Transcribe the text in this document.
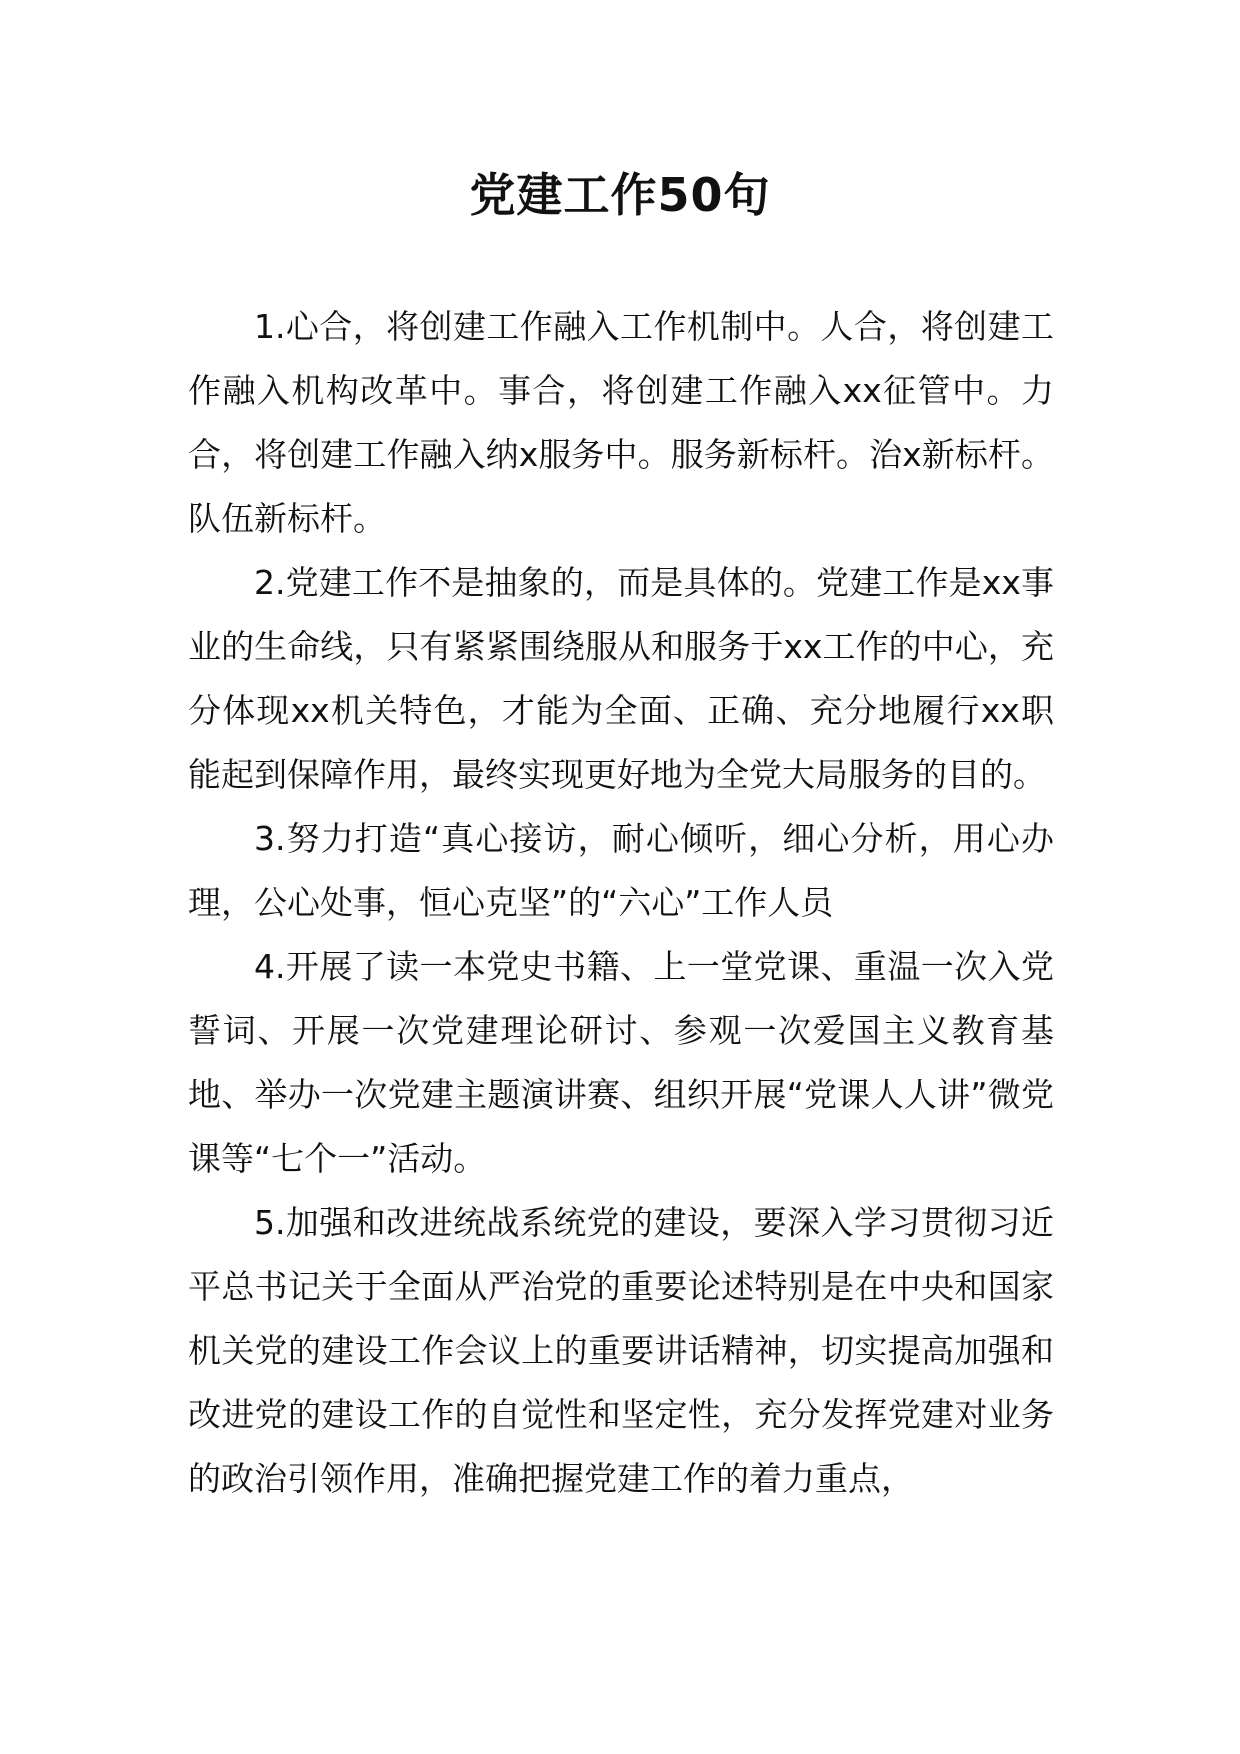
党建工作50句

1.心合，将创建工作融入工作机制中。人合，将创建工作融入机构改革中。事合，将创建工作融入xx征管中。力合，将创建工作融入纳x服务中。服务新标杆。治x新标杆。队伍新标杆。

2.党建工作不是抽象的，而是具体的。党建工作是xx事业的生命线，只有紧紧围绕服从和服务于xx工作的中心，充分体现xx机关特色，才能为全面、正确、充分地履行xx职能起到保障作用，最终实现更好地为全党大局服务的目的。

3.努力打造“真心接访，耐心倾听，细心分析，用心办理，公心处事，恒心克坚”的“六心”工作人员

4.开展了读一本党史书籍、上一堂党课、重温一次入党誓词、开展一次党建理论研讨、参观一次爱国主义教育基地、举办一次党建主题演讲赛、组织开展“党课人人讲”微党课等“七个一”活动。

5.加强和改进统战系统党的建设，要深入学习贯彻习近平总书记关于全面从严治党的重要论述特别是在中央和国家机关党的建设工作会议上的重要讲话精神，切实提高加强和改进党的建设工作的自觉性和坚定性，充分发挥党建对业务的政治引领作用，准确把握党建工作的着力重点，
